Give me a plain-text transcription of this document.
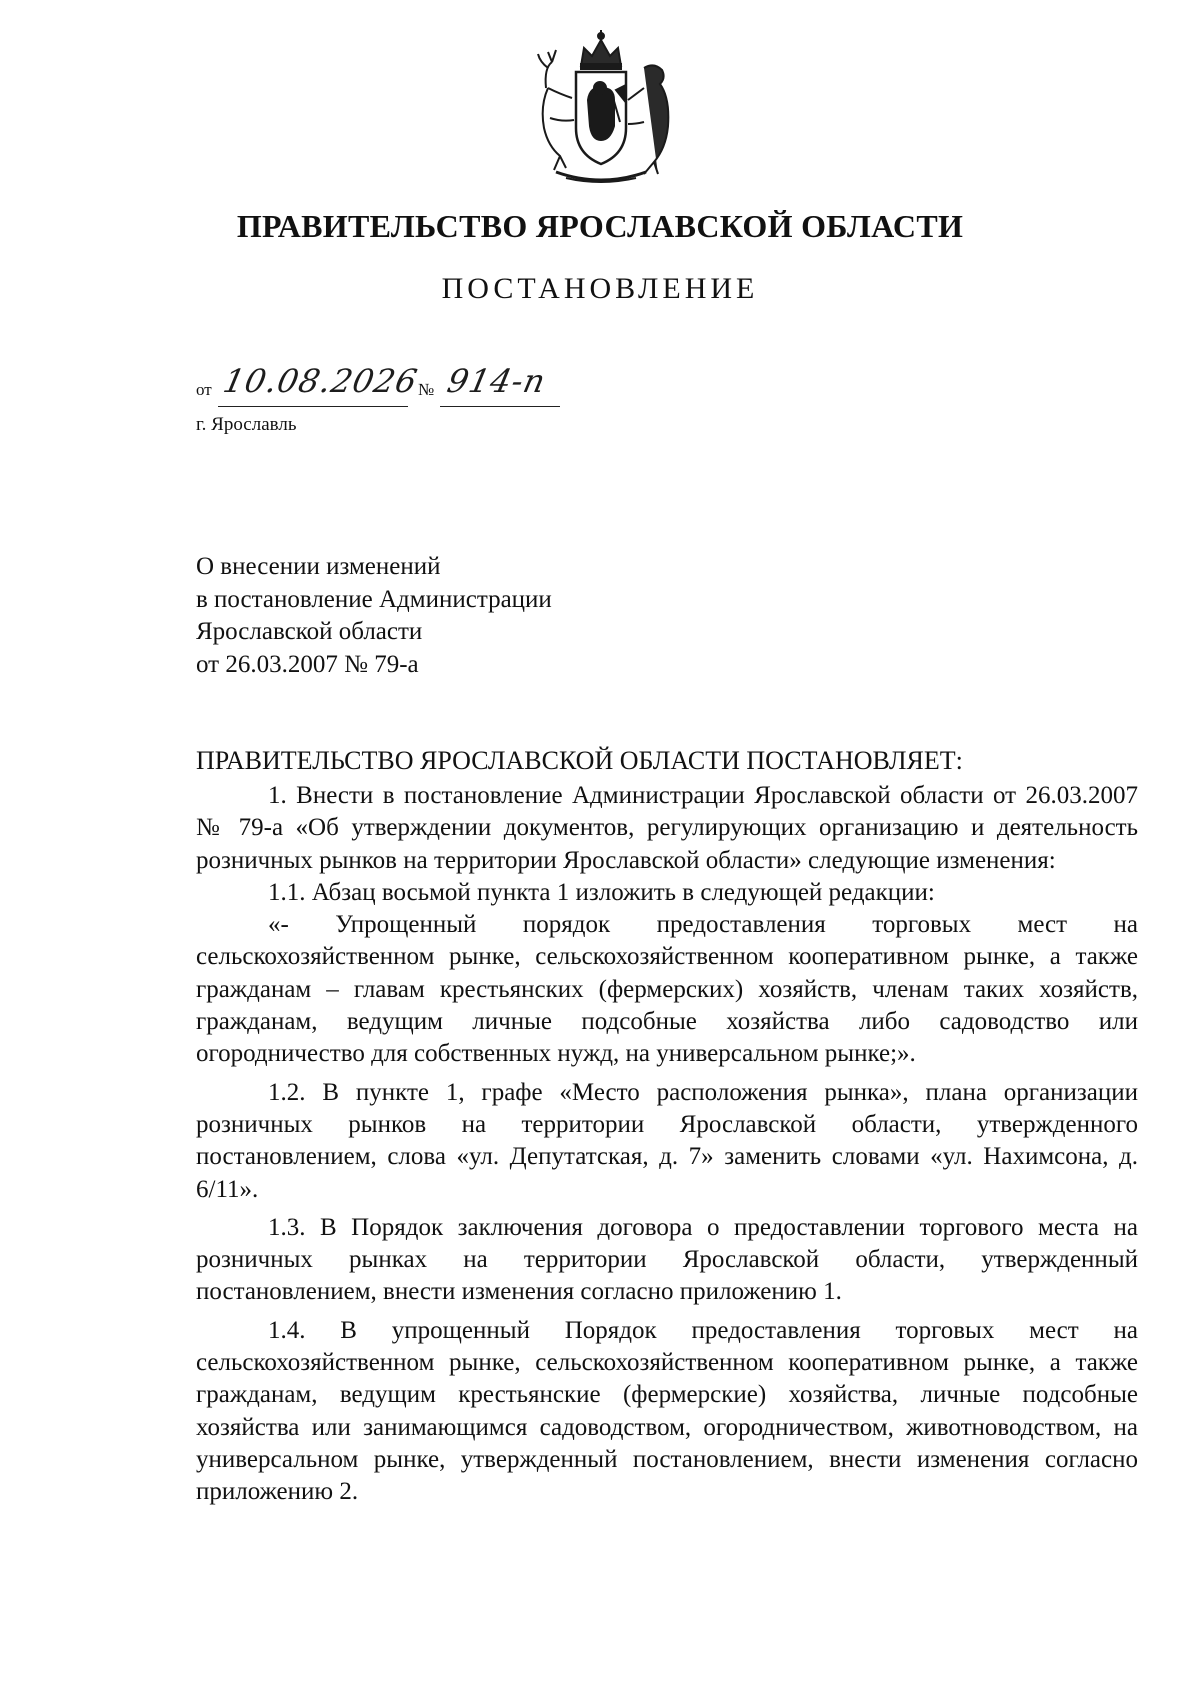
ПРАВИТЕЛЬСТВО ЯРОСЛАВСКОЙ ОБЛАСТИ
ПОСТАНОВЛЕНИЕ
от 10.08.2026
№ 914-п
г. Ярославль
О внесении изменений
в постановление Администрации
Ярославской области
от 26.03.2007 № 79-а
ПРАВИТЕЛЬСТВО ЯРОСЛАВСКОЙ ОБЛАСТИ ПОСТАНОВЛЯЕТ:

1. Внести в постановление Администрации Ярославской области от 26.03.2007 № 79-а «Об утверждении документов, регулирующих организацию и деятельность розничных рынков на территории Ярославской области» следующие изменения:

1.1. Абзац восьмой пункта 1 изложить в следующей редакции:

«- Упрощенный порядок предоставления торговых мест на сельскохозяйственном рынке, сельскохозяйственном кооперативном рынке, а также гражданам – главам крестьянских (фермерских) хозяйств, членам таких хозяйств, гражданам, ведущим личные подсобные хозяйства либо садоводство или огородничество для собственных нужд, на универсальном рынке;».

1.2. В пункте 1, графе «Место расположения рынка», плана организации розничных рынков на территории Ярославской области, утвержденного постановлением, слова «ул. Депутатская, д. 7» заменить словами «ул. Нахимсона, д. 6/11».

1.3. В Порядок заключения договора о предоставлении торгового места на розничных рынках на территории Ярославской области, утвержденный постановлением, внести изменения согласно приложению 1.

1.4. В упрощенный Порядок предоставления торговых мест на сельскохозяйственном рынке, сельскохозяйственном кооперативном рынке, а также гражданам, ведущим крестьянские (фермерские) хозяйства, личные подсобные хозяйства или занимающимся садоводством, огородничеством, животноводством, на универсальном рынке, утвержденный постановлением, внести изменения согласно приложению 2.
